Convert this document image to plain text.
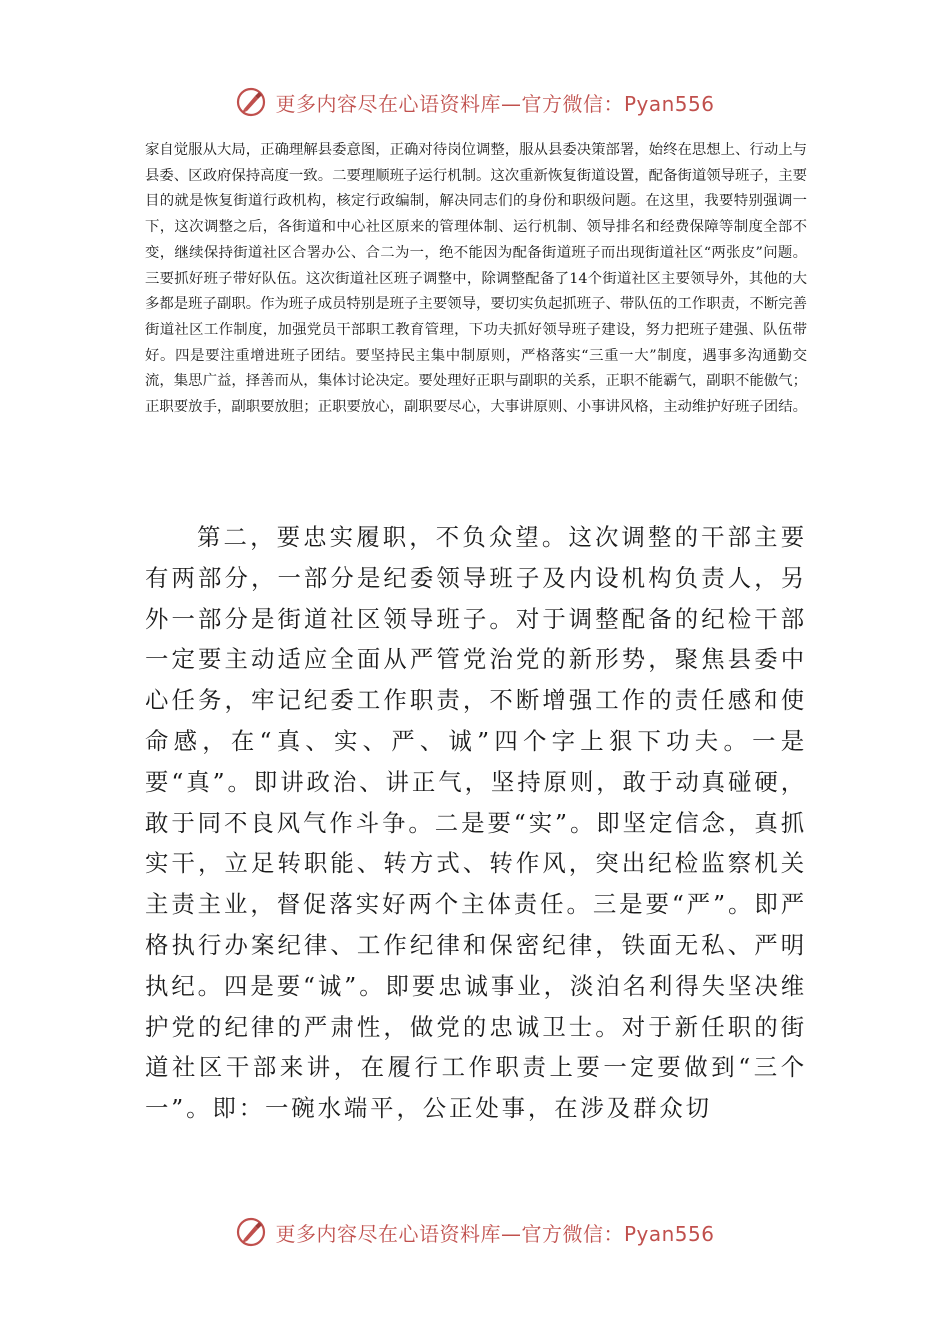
更多内容尽在心语资料库—官方微信：Pyan556

家自觉服从大局，正确理解县委意图，正确对待岗位调整，服从县委决策部署，始终在思想上、行动上与县委、区政府保持高度一致。二要理顺班子运行机制。这次重新恢复街道设置，配备街道领导班子，主要目的就是恢复街道行政机构，核定行政编制，解决同志们的身份和职级问题。在这里，我要特别强调一下，这次调整之后，各街道和中心社区原来的管理体制、运行机制、领导排名和经费保障等制度全部不变，继续保持街道社区合署办公、合二为一，绝不能因为配备街道班子而出现街道社区“两张皮”问题。三要抓好班子带好队伍。这次街道社区班子调整中，除调整配备了14个街道社区主要领导外，其他的大多都是班子副职。作为班子成员特别是班子主要领导，要切实负起抓班子、带队伍的工作职责，不断完善街道社区工作制度，加强党员干部职工教育管理，下功夫抓好领导班子建设，努力把班子建强、队伍带好。四是要注重增进班子团结。要坚持民主集中制原则，严格落实“三重一大”制度，遇事多沟通勤交流，集思广益，择善而从，集体讨论决定。要处理好正职与副职的关系，正职不能霸气，副职不能傲气；正职要放手，副职要放胆；正职要放心，副职要尽心，大事讲原则、小事讲风格，主动维护好班子团结。

第二，要忠实履职，不负众望。这次调整的干部主要有两部分，一部分是纪委领导班子及内设机构负责人，另外一部分是街道社区领导班子。对于调整配备的纪检干部一定要主动适应全面从严管党治党的新形势，聚焦县委中心任务，牢记纪委工作职责，不断增强工作的责任感和使命感，在“真、实、严、诚”四个字上狠下功夫。一是要“真”。即讲政治、讲正气，坚持原则，敢于动真碰硬，敢于同不良风气作斗争。二是要“实”。即坚定信念，真抓实干，立足转职能、转方式、转作风，突出纪检监察机关主责主业，督促落实好两个主体责任。三是要“严”。即严格执行办案纪律、工作纪律和保密纪律，铁面无私、严明执纪。四是要“诚”。即要忠诚事业，淡泊名利得失坚决维护党的纪律的严肃性，做党的忠诚卫士。对于新任职的街道社区干部来讲，在履行工作职责上要一定要做到“三个一”。即：一碗水端平，公正处事，在涉及群众切

更多内容尽在心语资料库—官方微信：Pyan556
